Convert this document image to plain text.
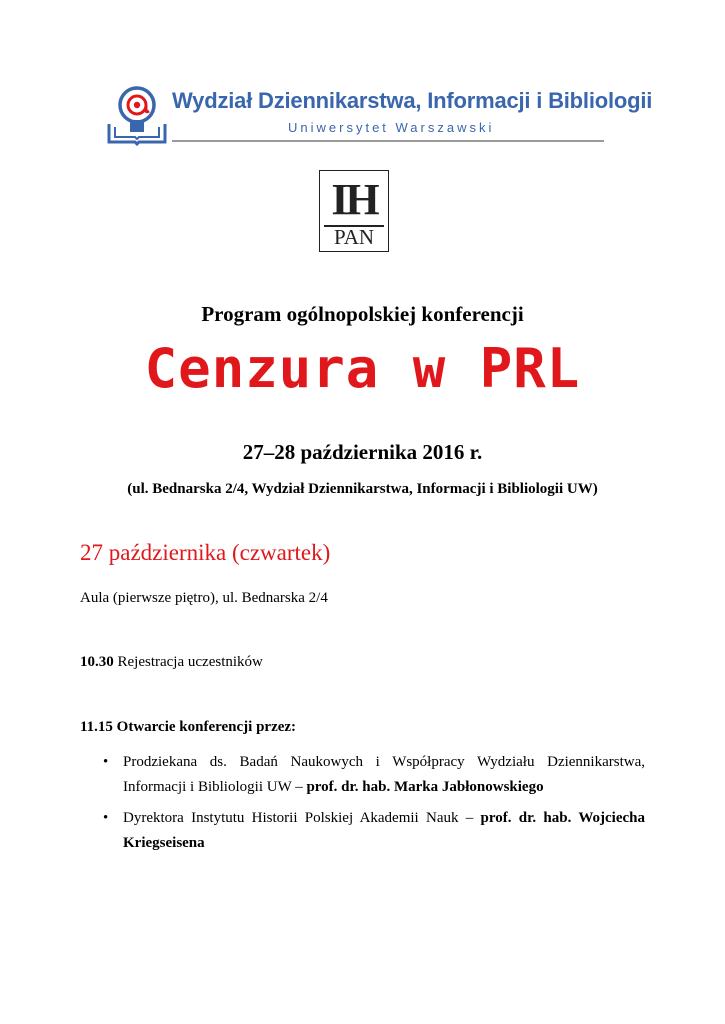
Wydział Dziennikarstwa, Informacji i Bibliologii
Uniwersytet Warszawski
IH
PAN
Program ogólnopolskiej konferencji
Cenzura w PRL
27–28 października 2016 r.
(ul. Bednarska 2/4, Wydział Dziennikarstwa, Informacji i Bibliologii UW)
27 października (czwartek)
Aula (pierwsze piętro), ul. Bednarska 2/4
10.30 Rejestracja uczestników
11.15 Otwarcie konferencji przez:
• Prodziekana ds. Badań Naukowych i Współpracy Wydziału Dziennikarstwa, Informacji i Bibliologii UW – prof. dr. hab. Marka Jabłonowskiego
• Dyrektora Instytutu Historii Polskiej Akademii Nauk – prof. dr. hab. Wojciecha Kriegseisena
